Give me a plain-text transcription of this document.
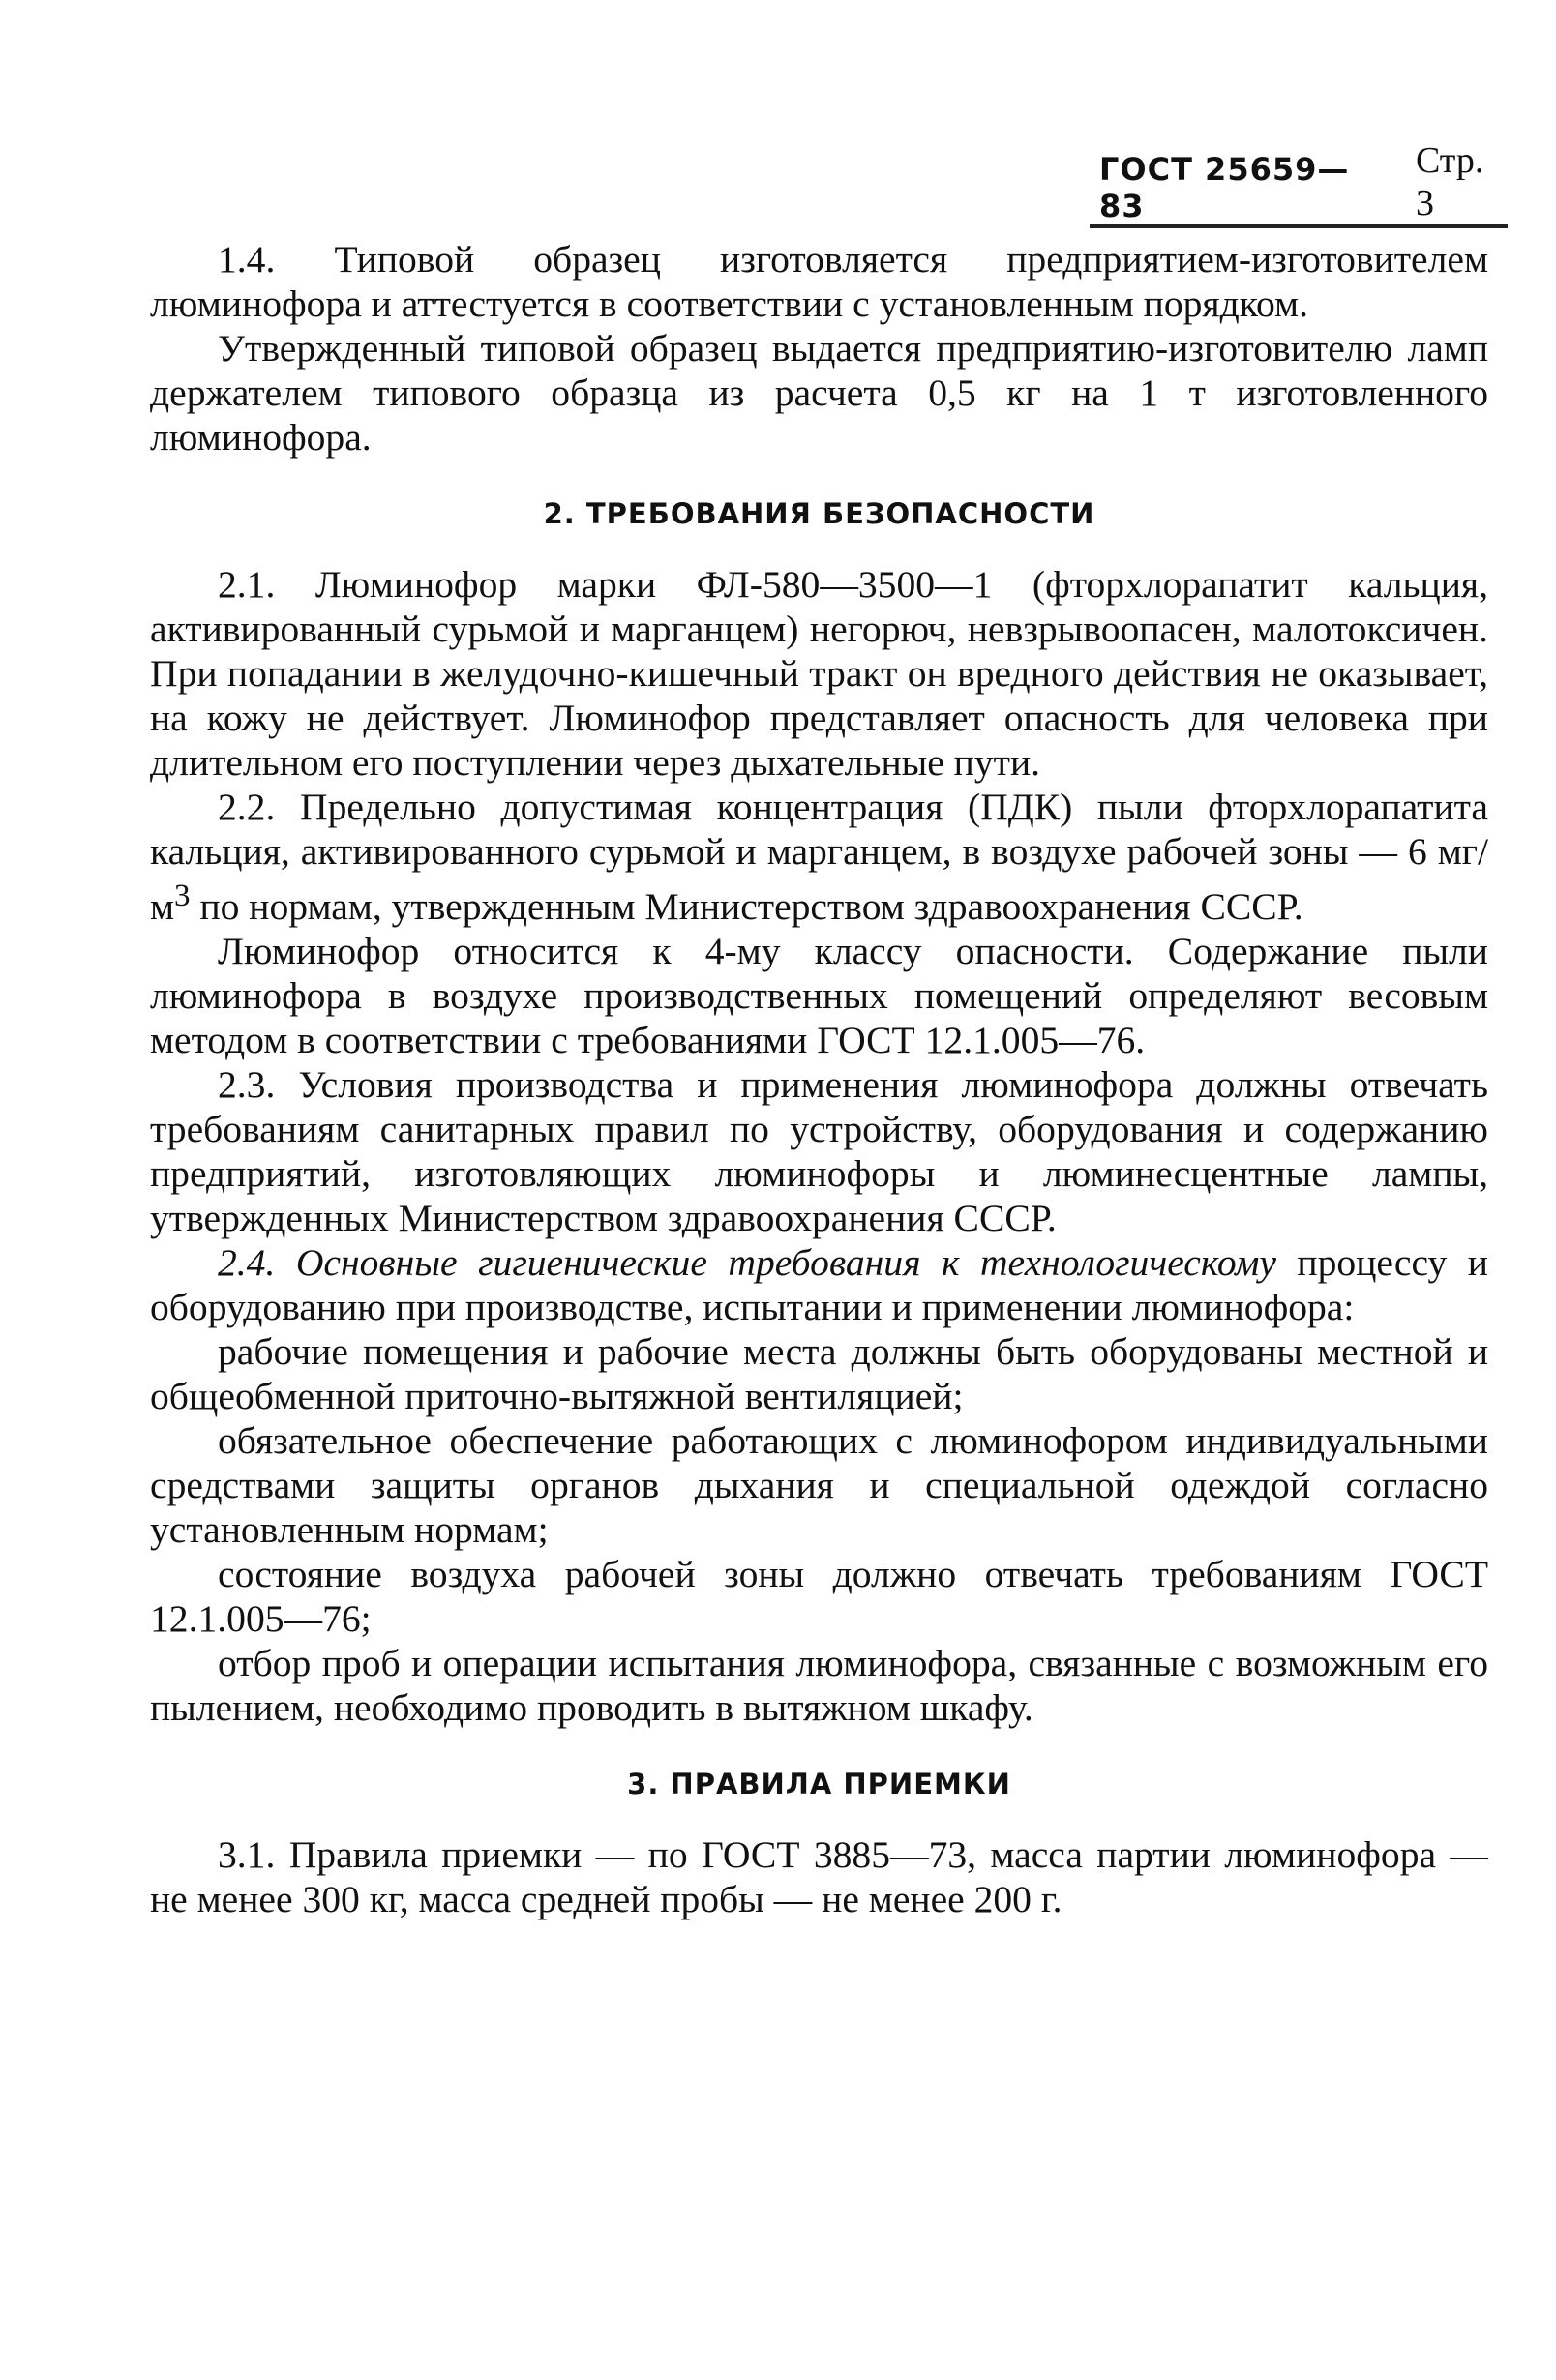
ГОСТ 25659—83
Стр. 3

1.4. Типовой образец изготовляется предприятием-изготовителем люминофора и аттестуется в соответствии с установленным порядком.

Утвержденный типовой образец выдается предприятию-изготовителю ламп держателем типового образца из расчета 0,5 кг на 1 т изготовленного люминофора.

2. ТРЕБОВАНИЯ БЕЗОПАСНОСТИ

2.1. Люминофор марки ФЛ-580—3500—1 (фторхлорапатит кальция, активированный сурьмой и марганцем) негорюч, невзрывоопасен, малотоксичен. При попадании в желудочно-кишечный тракт он вредного действия не оказывает, на кожу не действует. Люминофор представляет опасность для человека при длительном его поступлении через дыхательные пути.

2.2. Предельно допустимая концентрация (ПДК) пыли фторхлорапатита кальция, активированного сурьмой и марганцем, в воздухе рабочей зоны — 6 $мг/м^3$ по нормам, утвержденным Министерством здравоохранения СССР.

Люминофор относится к 4-му классу опасности. Содержание пыли люминофора в воздухе производственных помещений определяют весовым методом в соответствии с требованиями ГОСТ 12.1.005—76.

2.3. Условия производства и применения люминофора должны отвечать требованиям санитарных правил по устройству, оборудования и содержанию предприятий, изготовляющих люминофоры и люминесцентные лампы, утвержденных Министерством здравоохранения СССР.

2.4. Основные гигиенические требования к технологическому процессу и оборудованию при производстве, испытании и применении люминофора:

рабочие помещения и рабочие места должны быть оборудованы местной и общеобменной приточно-вытяжной вентиляцией;

обязательное обеспечение работающих с люминофором индивидуальными средствами защиты органов дыхания и специальной одеждой согласно установленным нормам;

состояние воздуха рабочей зоны должно отвечать требованиям ГОСТ 12.1.005—76;

отбор проб и операции испытания люминофора, связанные с возможным его пылением, необходимо проводить в вытяжном шкафу.

3. ПРАВИЛА ПРИЕМКИ

3.1. Правила приемки — по ГОСТ 3885—73, масса партии люминофора — не менее 300 кг, масса средней пробы — не менее 200 г.
